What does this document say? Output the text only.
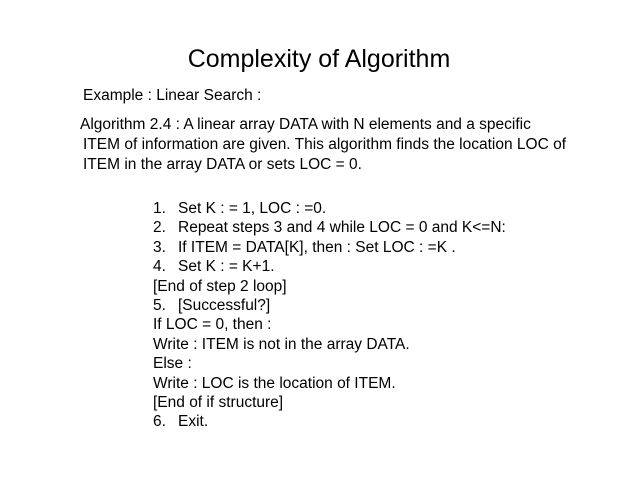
Complexity of Algorithm
Example : Linear Search :
Algorithm 2.4 : A linear array DATA with N elements and a specific
ITEM of information are given. This algorithm finds the location LOC of
ITEM in the array DATA or sets LOC = 0.
1. Set K : = 1, LOC : =0.
2. Repeat steps 3 and 4 while LOC = 0 and K<=N:
3. If ITEM = DATA[K], then : Set LOC : =K .
4. Set K : = K+1.
[End of step 2 loop]
5. [Successful?]
If LOC = 0, then :
Write : ITEM is not in the array DATA.
Else :
Write : LOC is the location of ITEM.
[End of if structure]
6. Exit.
